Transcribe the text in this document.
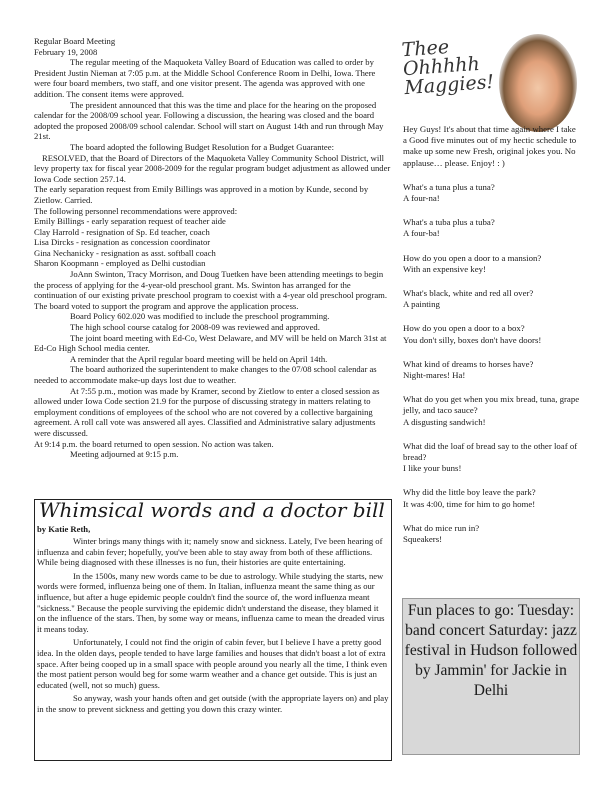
Regular Board Meeting

February 19, 2008

The regular meeting of the Maquoketa Valley Board of Education was called to order by President Justin Nieman at 7:05 p.m. at the Middle School Conference Room in Delhi, Iowa. There were four board members, two staff, and one visitor present. The agenda was approved with one addition. The consent items were approved.

The president announced that this was the time and place for the hearing on the proposed calendar for the 2008/09 school year. Following a discussion, the hearing was closed and the board adopted the proposed 2008/09 school calendar. School will start on August 14th and run through May 21st.

The board adopted the following Budget Resolution for a Budget Guarantee:

RESOLVED, that the Board of Directors of the Maquoketa Valley Community School District, will levy property tax for fiscal year 2008-2009 for the regular program budget adjustment as allowed under Iowa Code section 257.14.

The early separation request from Emily Billings was approved in a motion by Kunde, second by Zietlow. Carried.

The following personnel recommendations were approved:

Emily Billings - early separation request of teacher aide

Clay Harrold - resignation of Sp. Ed teacher, coach

Lisa Dircks - resignation as concession coordinator

Gina Nechanicky - resignation as asst. softball coach

Sharon Koopmann - employed as Delhi custodian

JoAnn Swinton, Tracy Morrison, and Doug Tuetken have been attending meetings to begin the process of applying for the 4-year-old preschool grant. Ms. Swinton has arranged for the continuation of our existing private preschool program to coexist with a 4-year old preschool program. The board voted to support the program and approve the application process.

Board Policy 602.020 was modified to include the preschool programming.

The high school course catalog for 2008-09 was reviewed and approved.

The joint board meeting with Ed-Co, West Delaware, and MV will be held on March 31st at Ed-Co High School media center.

A reminder that the April regular board meeting will be held on April 14th.

The board authorized the superintendent to make changes to the 07/08 school calendar as needed to accommodate make-up days lost due to weather.

At 7:55 p.m., motion was made by Kramer, second by Zietlow to enter a closed session as allowed under Iowa Code section 21.9 for the purpose of discussing strategy in matters relating to employment conditions of employees of the school who are not covered by a collective bargaining agreement. A roll call vote was answered all ayes. Classified and Administrative salary adjustments were discussed.

At 9:14 p.m. the board returned to open session. No action was taken.

Meeting adjourned at 9:15 p.m.

Thee Ohhhhh Maggies!

Hey Guys! It's about that time again where I take a Good five minutes out of my hectic schedule to make up some new Fresh, original jokes you. No applause… please. Enjoy! : )

What's a tuna plus a tuna?
A four-na!

What's a tuba plus a tuba?
A four-ba!

How do you open a door to a mansion?
With an expensive key!

What's black, white and red all over?
A painting

How do you open a door to a box?
You don't silly, boxes don't have doors!

What kind of dreams to horses have?
Night-mares! Ha!

What do you get when you mix bread, tuna, grape jelly, and taco sauce?
A disgusting sandwich!

What did the loaf of bread say to the other loaf of bread?
I like your buns!

Why did the little boy leave the park?
It was 4:00, time for him to go home!

What do mice run in?
Squeakers!

Fun places to go: Tuesday: band concert Saturday: jazz festival in Hudson followed by Jammin' for Jackie in Delhi
Whimsical words and a doctor bill
by Katie Reth,

Winter brings many things with it; namely snow and sickness. Lately, I've been hearing of influenza and cabin fever; hopefully, you've been able to stay away from both of these afflictions. While being diagnosed with these illnesses is no fun, their histories are quite entertaining.

In the 1500s, many new words came to be due to astrology. While studying the starts, new words were formed, influenza being one of them. In Italian, influenza meant the same thing as our influence, but after a huge epidemic people couldn't find the source of, the word influenza meant "sickness." Because the people surviving the epidemic didn't understand the disease, they blamed it on the influence of the stars. Then, by some way or means, influenza came to mean the dreaded virus it means today.

Unfortunately, I could not find the origin of cabin fever, but I believe I have a pretty good idea. In the olden days, people tended to have large families and houses that didn't boast a lot of extra space. After being cooped up in a small space with people around you nearly all the time, I think even the most patient person would beg for some warm weather and a chance get outside. This is just an educated (well, not so much) guess.

So anyway, wash your hands often and get outside (with the appropriate layers on) and play in the snow to prevent sickness and getting you down this crazy winter.
